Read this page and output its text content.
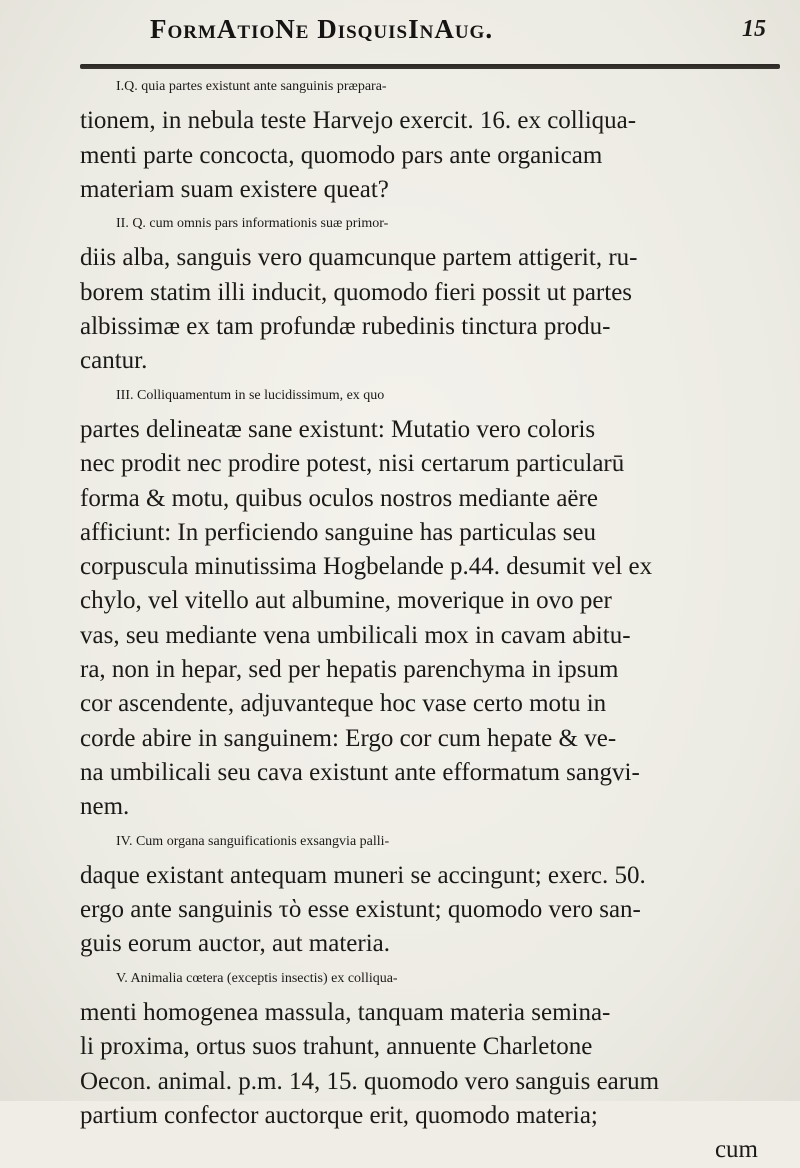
FormAtioNe DisquisInAug.	15
I.Q. quia partes existunt ante sanguinis præpara-
tionem, in nebula teste Harvejo exercit. 16. ex colliqua-
menti parte concocta, quomodo pars ante organicam
materiam suam existere queat?
II. Q. cum omnis pars informationis suæ primor-
diis alba, sanguis vero quamcunque partem attigerit, ru-
borem statim illi inducit, quomodo fieri possit ut partes
albissimæ ex tam profundæ rubedinis tinctura produ-
cantur.
III. Colliquamentum in se lucidissimum, ex quo
partes delineatæ sane existunt: Mutatio vero coloris
nec prodit nec prodire potest, nisi certarum particularū
forma & motu, quibus oculos nostros mediante aëre
afficiunt: In perficiendo sanguine has particulas seu
corpuscula minutissima Hogbelande p.44. desumit vel ex
chylo, vel vitello aut albumine, moverique in ovo per
vas, seu mediante vena umbilicali mox in cavam abitu-
ra, non in hepar, sed per hepatis parenchyma in ipsum
cor ascendente, adjuvanteque hoc vase certo motu in
corde abire in sanguinem: Ergo cor cum hepate & ve-
na umbilicali seu cava existunt ante efformatum sangvi-
nem.
IV. Cum organa sanguificationis exsangvia palli-
daque existant antequam muneri se accingunt; exerc. 50.
ergo ante sanguinis τὸ esse existunt; quomodo vero san-
guis eorum auctor, aut materia.
V. Animalia cœtera (exceptis insectis) ex colliqua-
menti homogenea massula, tanquam materia semina-
li proxima, ortus suos trahunt, annuente Charletone
Oecon. animal. p.m. 14, 15. quomodo vero sanguis earum
partium confector auctorque erit, quomodo materia;
cum
